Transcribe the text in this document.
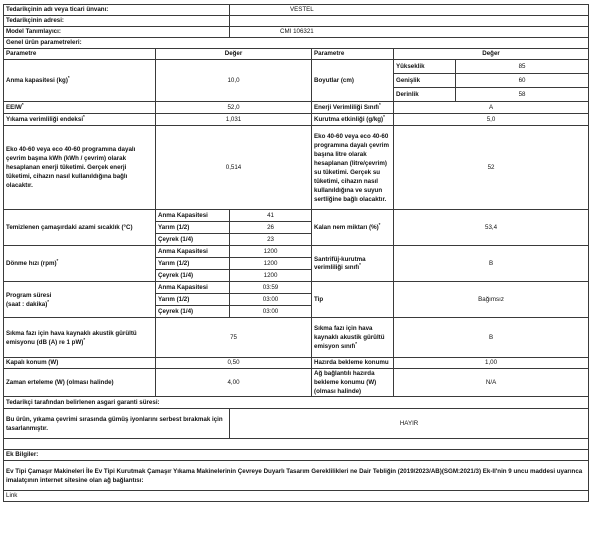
Tedarikçinin adı veya ticari ünvanı:		VESTEL			
Tedarikçinin adresi:					
Model Tanımlayıcı:		CMI 106321			
Genel ürün parametreleri:					
Parametre	Değer		Parametre	Değer	
Anma kapasitesi (kg)*	10,0		Boyutlar (cm)	Yükseklik	85
				Genişlik	60
				Derinlik	58
EEIW*	52,0		Enerji Verimliliği Sınıfı*	A	
Yıkama verimliliği endeksi*	1,031		Kurutma etkinliği (g/kg)*	5,0	
Eko 40-60 veya eco 40-60 programına dayalı çevrim başına kWh (kWh / çevrim) olarak hesaplanan enerji tüketimi. Gerçek enerji tüketimi, cihazın nasıl kullanıldığına bağlı olacaktır.	0,514		Eko 40-60 veya eco 40-60 programına dayalı çevrim başına litre olarak hesaplanan (litre/çevrim) su tüketimi. Gerçek su tüketimi, cihazın nasıl kullanıldığına ve suyun sertliğine bağlı olacaktır.	52	
Temizlenen çamaşırdaki azami sıcaklık (°C)	Anma Kapasitesi	41	Kalan nem miktarı (%)*	53,4	
	Yarım (1/2)	26			
	Çeyrek (1/4)	23			
Dönme hızı (rpm)*	Anma Kapasitesi	1200	Santrifüj-kurutma verimliliği sınıfı*	B	
	Yarım (1/2)	1200			
	Çeyrek (1/4)	1200			
Program süresi
(saat : dakika)*	Anma Kapasitesi	03:59	Tip	Bağımsız	
	Yarım (1/2)	03:00			
	Çeyrek (1/4)	03:00			
Sıkma fazı için hava kaynaklı akustik gürültü emisyonu (dB (A) re 1 pW)*	75		Sıkma fazı için hava kaynaklı akustik gürültü emisyon sınıfı*	B	
Kapalı konum (W)	0,50		Hazırda bekleme konumu	1,00	
Zaman erteleme (W) (olması halinde)	4,00		Ağ bağlantılı hazırda bekleme konumu (W) (olması halinde)	N/A	
Tedarikçi tarafından belirlenen asgari garanti süresi:					
Bu ürün, yıkama çevrimi sırasında gümüş iyonlarını serbest bırakmak için tasarlanmıştır.		HAYIR			

Ek Bilgiler:					
Ev Tipi Çamaşır Makineleri İle Ev Tipi Kurutmak Çamaşır Yıkama Makinelerinin Çevreye Duyarlı Tasarım Gereklilikleri ne Dair Tebliğin (2019/2023/AB)(SGM:2021/3) Ek-II'nin 9 uncu maddesi uyarınca imalatçının internet sitesine olan ağ bağlantısı:					
Link					
